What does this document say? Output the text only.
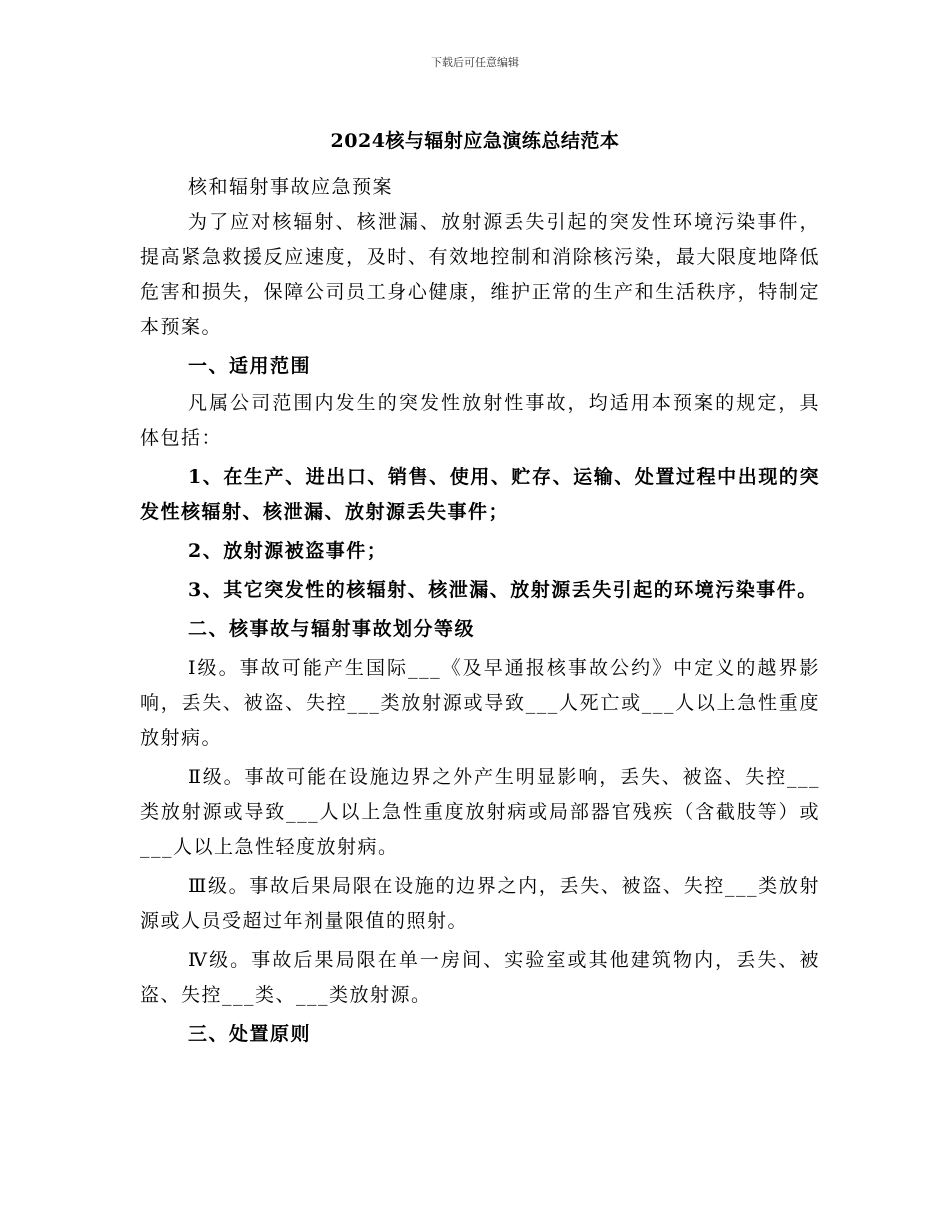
下载后可任意编辑
2024核与辐射应急演练总结范本

核和辐射事故应急预案

为了应对核辐射、核泄漏、放射源丢失引起的突发性环境污染事件，提高紧急救援反应速度，及时、有效地控制和消除核污染，最大限度地降低危害和损失，保障公司员工身心健康，维护正常的生产和生活秩序，特制定本预案。

一、适用范围

凡属公司范围内发生的突发性放射性事故，均适用本预案的规定，具体包括：

1、在生产、进出口、销售、使用、贮存、运输、处置过程中出现的突发性核辐射、核泄漏、放射源丢失事件；

2、放射源被盗事件；

3、其它突发性的核辐射、核泄漏、放射源丢失引起的环境污染事件。

二、核事故与辐射事故划分等级

Ⅰ级。事故可能产生国际___《及早通报核事故公约》中定义的越界影响，丢失、被盗、失控___类放射源或导致___人死亡或___人以上急性重度放射病。

Ⅱ级。事故可能在设施边界之外产生明显影响，丢失、被盗、失控___类放射源或导致___人以上急性重度放射病或局部器官残疾（含截肢等）或___人以上急性轻度放射病。

Ⅲ级。事故后果局限在设施的边界之内，丢失、被盗、失控___类放射源或人员受超过年剂量限值的照射。

Ⅳ级。事故后果局限在单一房间、实验室或其他建筑物内，丢失、被盗、失控___类、___类放射源。

三、处置原则
